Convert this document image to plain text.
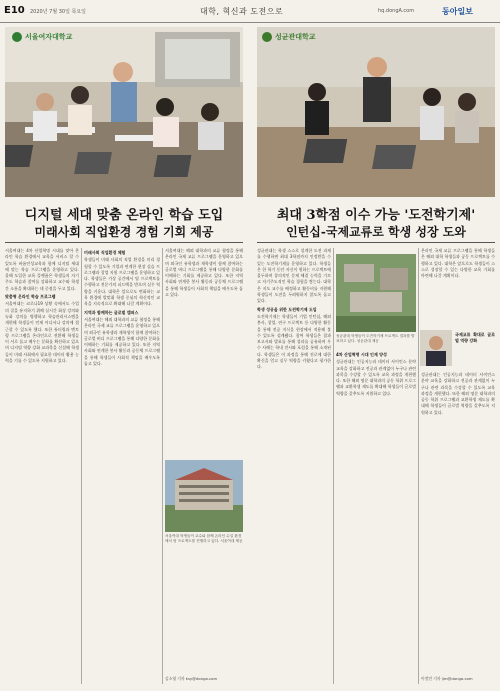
E10 2020년 7월 30일 목요일	대학, 혁신과 도전으로	hq.dongA.com	동아일보
서울여자대학교	성균관대학교
디지털 세대 맞춤 온라인 학습 도입
미래사회 직업환경 경험 기회 제공
최대 3학점 이수 가능 '도전학기제'
인턴십-국제교류로 학생 성장 도와
서울여대는 4차 산업혁명 시대를 맞아 온라인 학습 환경에서 교육을 서비스 할 수 있도록 바롬인성교육과 함께 디지털 세대에 맞는 학습 프로그램을 운영하고 있다. 올해 도입한 교육 플랫폼은 학생들의 자기주도 학습과 참여를 강화하고 교수와 학생 간 소통을 확대하는 데 중점을 두고 있다.
맞춤형 온라인 학습 프로그램
서울여대는 코로나19 상황 속에서도 수업의 질을 유지하기 위해 실시간 화상 강의와 녹화 강의를 병행하고 학습관리시스템을 개편해 학생들이 언제 어디서나 강의에 접근할 수 있도록 했다. 또한 튜터링과 멘토링 프로그램을 온라인으로 전환해 학생들이 서로 돕고 배우는 문화를 확산하고 있으며 디지털 역량 강화 교과목을 신설해 학생들이 미래 사회에서 필요한 데이터 활용 능력을 기를 수 있도록 지원하고 있다.
미래사회 직업환경 체험
학생들이 미래 사회의 직업 환경을 미리 경험할 수 있도록 기업과 연계한 현장 실습 프로그램과 창업 지원 프로그램을 운영하고 있다. 학생들은 가상 공간에서 팀 프로젝트를 수행하고 전문가의 피드백을 받으며 실무 역량을 키운다. 대학은 앞으로도 변화하는 교육 환경에 발맞춰 학생 중심의 혁신적인 교육을 지속적으로 확대해 나갈 계획이다.
지역과 함께하는 글로벌 캠퍼스
서울여대는 해외 대학과의 교류 협정을 통해 온라인 국제 교류 프로그램을 운영하고 있으며 외국인 유학생과 재학생이 함께 참여하는 글로벌 버디 프로그램을 통해 다양한 문화를 이해하는 기회를 제공하고 있다. 또한 지역 사회와 연계한 봉사 활동과 공동체 프로그램을 통해 학생들이 사회적 책임을 배우도록 돕고 있다.
서울여대 학생들이 교수와 함께 온라인 수업 환경에서 팀 프로젝트를 진행하고 있다. 서울여대 제공
서울여대는 해외 대학과의 교류 협정을 통해 온라인 국제 교류 프로그램을 운영하고 있으며 외국인 유학생과 재학생이 함께 참여하는 글로벌 버디 프로그램을 통해 다양한 문화를 이해하는 기회를 제공하고 있다. 또한 지역 사회와 연계한 봉사 활동과 공동체 프로그램을 통해 학생들이 사회적 책임을 배우도록 돕고 있다.
김소영 기자 ksy@donga.com
성균관대는 학생 스스로 설계한 도전 과제를 수행하면 최대 3학점까지 인정받을 수 있는 도전학기제를 운영하고 있다. 학생들은 한 학기 동안 자신이 원하는 프로젝트에 몰두하며 창의적인 문제 해결 능력을 기르고 자기주도적인 학습 경험을 쌓는다. 대학은 지도 교수를 배정하고 활동비를 지원해 학생들이 도전을 두려워하지 않도록 돕고 있다.
학생 성공을 위한 도전학기제 도입
도전학기제는 학생들이 기업 인턴십, 해외 봉사, 창업, 연구 프로젝트 등 다양한 활동을 통해 전공 지식을 현장에서 적용해 볼 수 있도록 설계됐다. 참여 학생들은 결과 보고서와 발표를 통해 성과를 공유하며 우수 사례는 학내 전시와 포럼을 통해 소개된다. 학생들은 이 과정을 통해 진로에 대한 확신을 얻고 실무 역량을 키웠다고 평가한다.
성균관대 학생들이 도전학기제 프로젝트 결과를 발표하고 있다. 성균관대 제공
4차 산업혁명 시대 인재 양성
성균관대는 인공지능과 데이터 사이언스 분야 교육을 강화하고 전공과 관계없이 누구나 관련 과목을 수강할 수 있도록 교육 과정을 개편했다. 또한 해외 명문 대학과의 공동 학위 프로그램과 교환학생 제도를 확대해 학생들이 글로벌 역량을 갖추도록 지원하고 있다.
온라인 국제 교류 프로그램을 통해 학생들은 해외 대학 학생들과 공동 프로젝트를 수행하고 있다. 대학은 앞으로도 학생들이 스스로 성장할 수 있는 다양한 교육 기회를 마련해 나갈 계획이다.
국제교류 확대로 글로벌 역량 강화
성균관대는 인공지능과 데이터 사이언스 분야 교육을 강화하고 전공과 관계없이 누구나 관련 과목을 수강할 수 있도록 교육 과정을 개편했다. 또한 해외 명문 대학과의 공동 학위 프로그램과 교환학생 제도를 확대해 학생들이 글로벌 역량을 갖추도록 지원하고 있다.
이정민 기자 ljm@donga.com
